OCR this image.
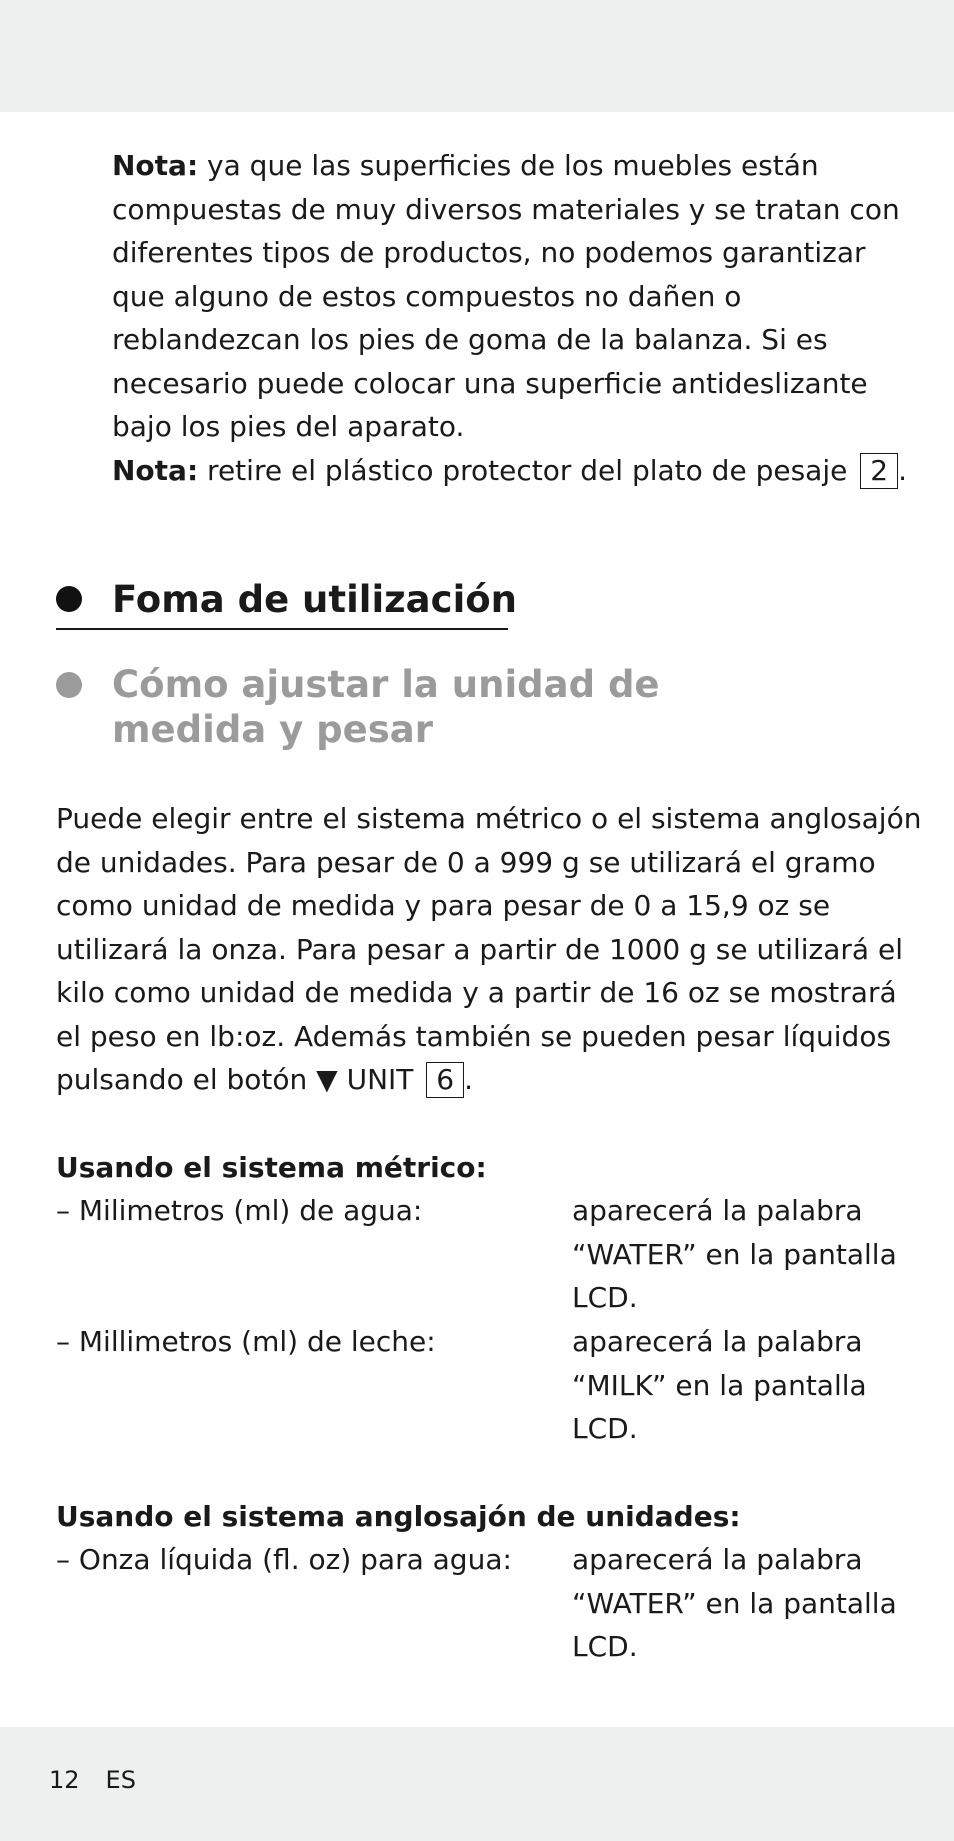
Nota: ya que las superficies de los muebles están compuestas de muy diversos materiales y se tratan con diferentes tipos de productos, no podemos garantizar que alguno de estos compuestos no dañen o reblandezcan los pies de goma de la balanza. Si es necesario puede colocar una superficie antideslizante bajo los pies del aparato.

Nota: retire el plástico protector del plato de pesaje 2 .

Foma de utilización
Cómo ajustar la unidad de medida y pesar

Puede elegir entre el sistema métrico o el sistema anglosajón de unidades. Para pesar de 0 a 999 g se utilizará el gramo como unidad de medida y para pesar de 0 a 15,9 oz se utilizará la onza. Para pesar a partir de 1000 g se utilizará el kilo como unidad de medida y a partir de 16 oz se mostrará el peso en lb:oz. Además también se pueden pesar líquidos pulsando el botón ▼ UNIT 6 .

Usando el sistema métrico:
– Milimetros (ml) de agua:	aparecerá la palabra “WATER” en la pantalla LCD.
– Millimetros (ml) de leche:	aparecerá la palabra “MILK” en la pantalla LCD.
Usando el sistema anglosajón de unidades:
– Onza líquida (fl. oz) para agua:	aparecerá la palabra “WATER” en la pantalla LCD.
12 ES
